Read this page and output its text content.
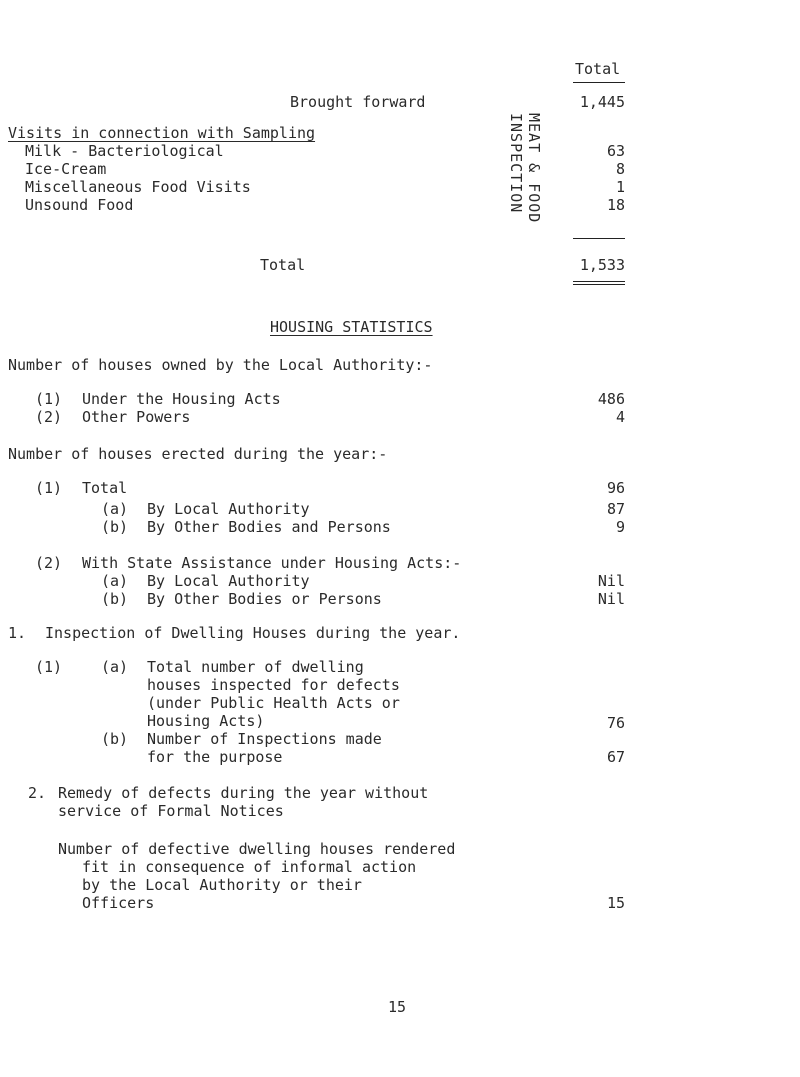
Total
Brought forward	1,445
Visits in connection with Sampling
Milk - Bacteriological	63
Ice-Cream	8
Miscellaneous Food Visits	1
Unsound Food	18
INSPECTION MEAT & FOOD
Total	1,533
HOUSING STATISTICS
Number of houses owned by the Local Authority:-
(1) Under the Housing Acts	486
(2) Other Powers	4
Number of houses erected during the year:-
(1) Total	96
(a) By Local Authority	87
(b) By Other Bodies and Persons	9
(2) With State Assistance under Housing Acts:-
(a) By Local Authority	Nil
(b) By Other Bodies or Persons	Nil
1. Inspection of Dwelling Houses during the year.
(1)	(a) Total number of dwelling
houses inspected for defects
(under Public Health Acts or
Housing Acts)	76
(b) Number of Inspections made
for the purpose	67
2. Remedy of defects during the year without
service of Formal Notices
Number of defective dwelling houses rendered
fit in consequence of informal action
by the Local Authority or their
Officers	15
15
